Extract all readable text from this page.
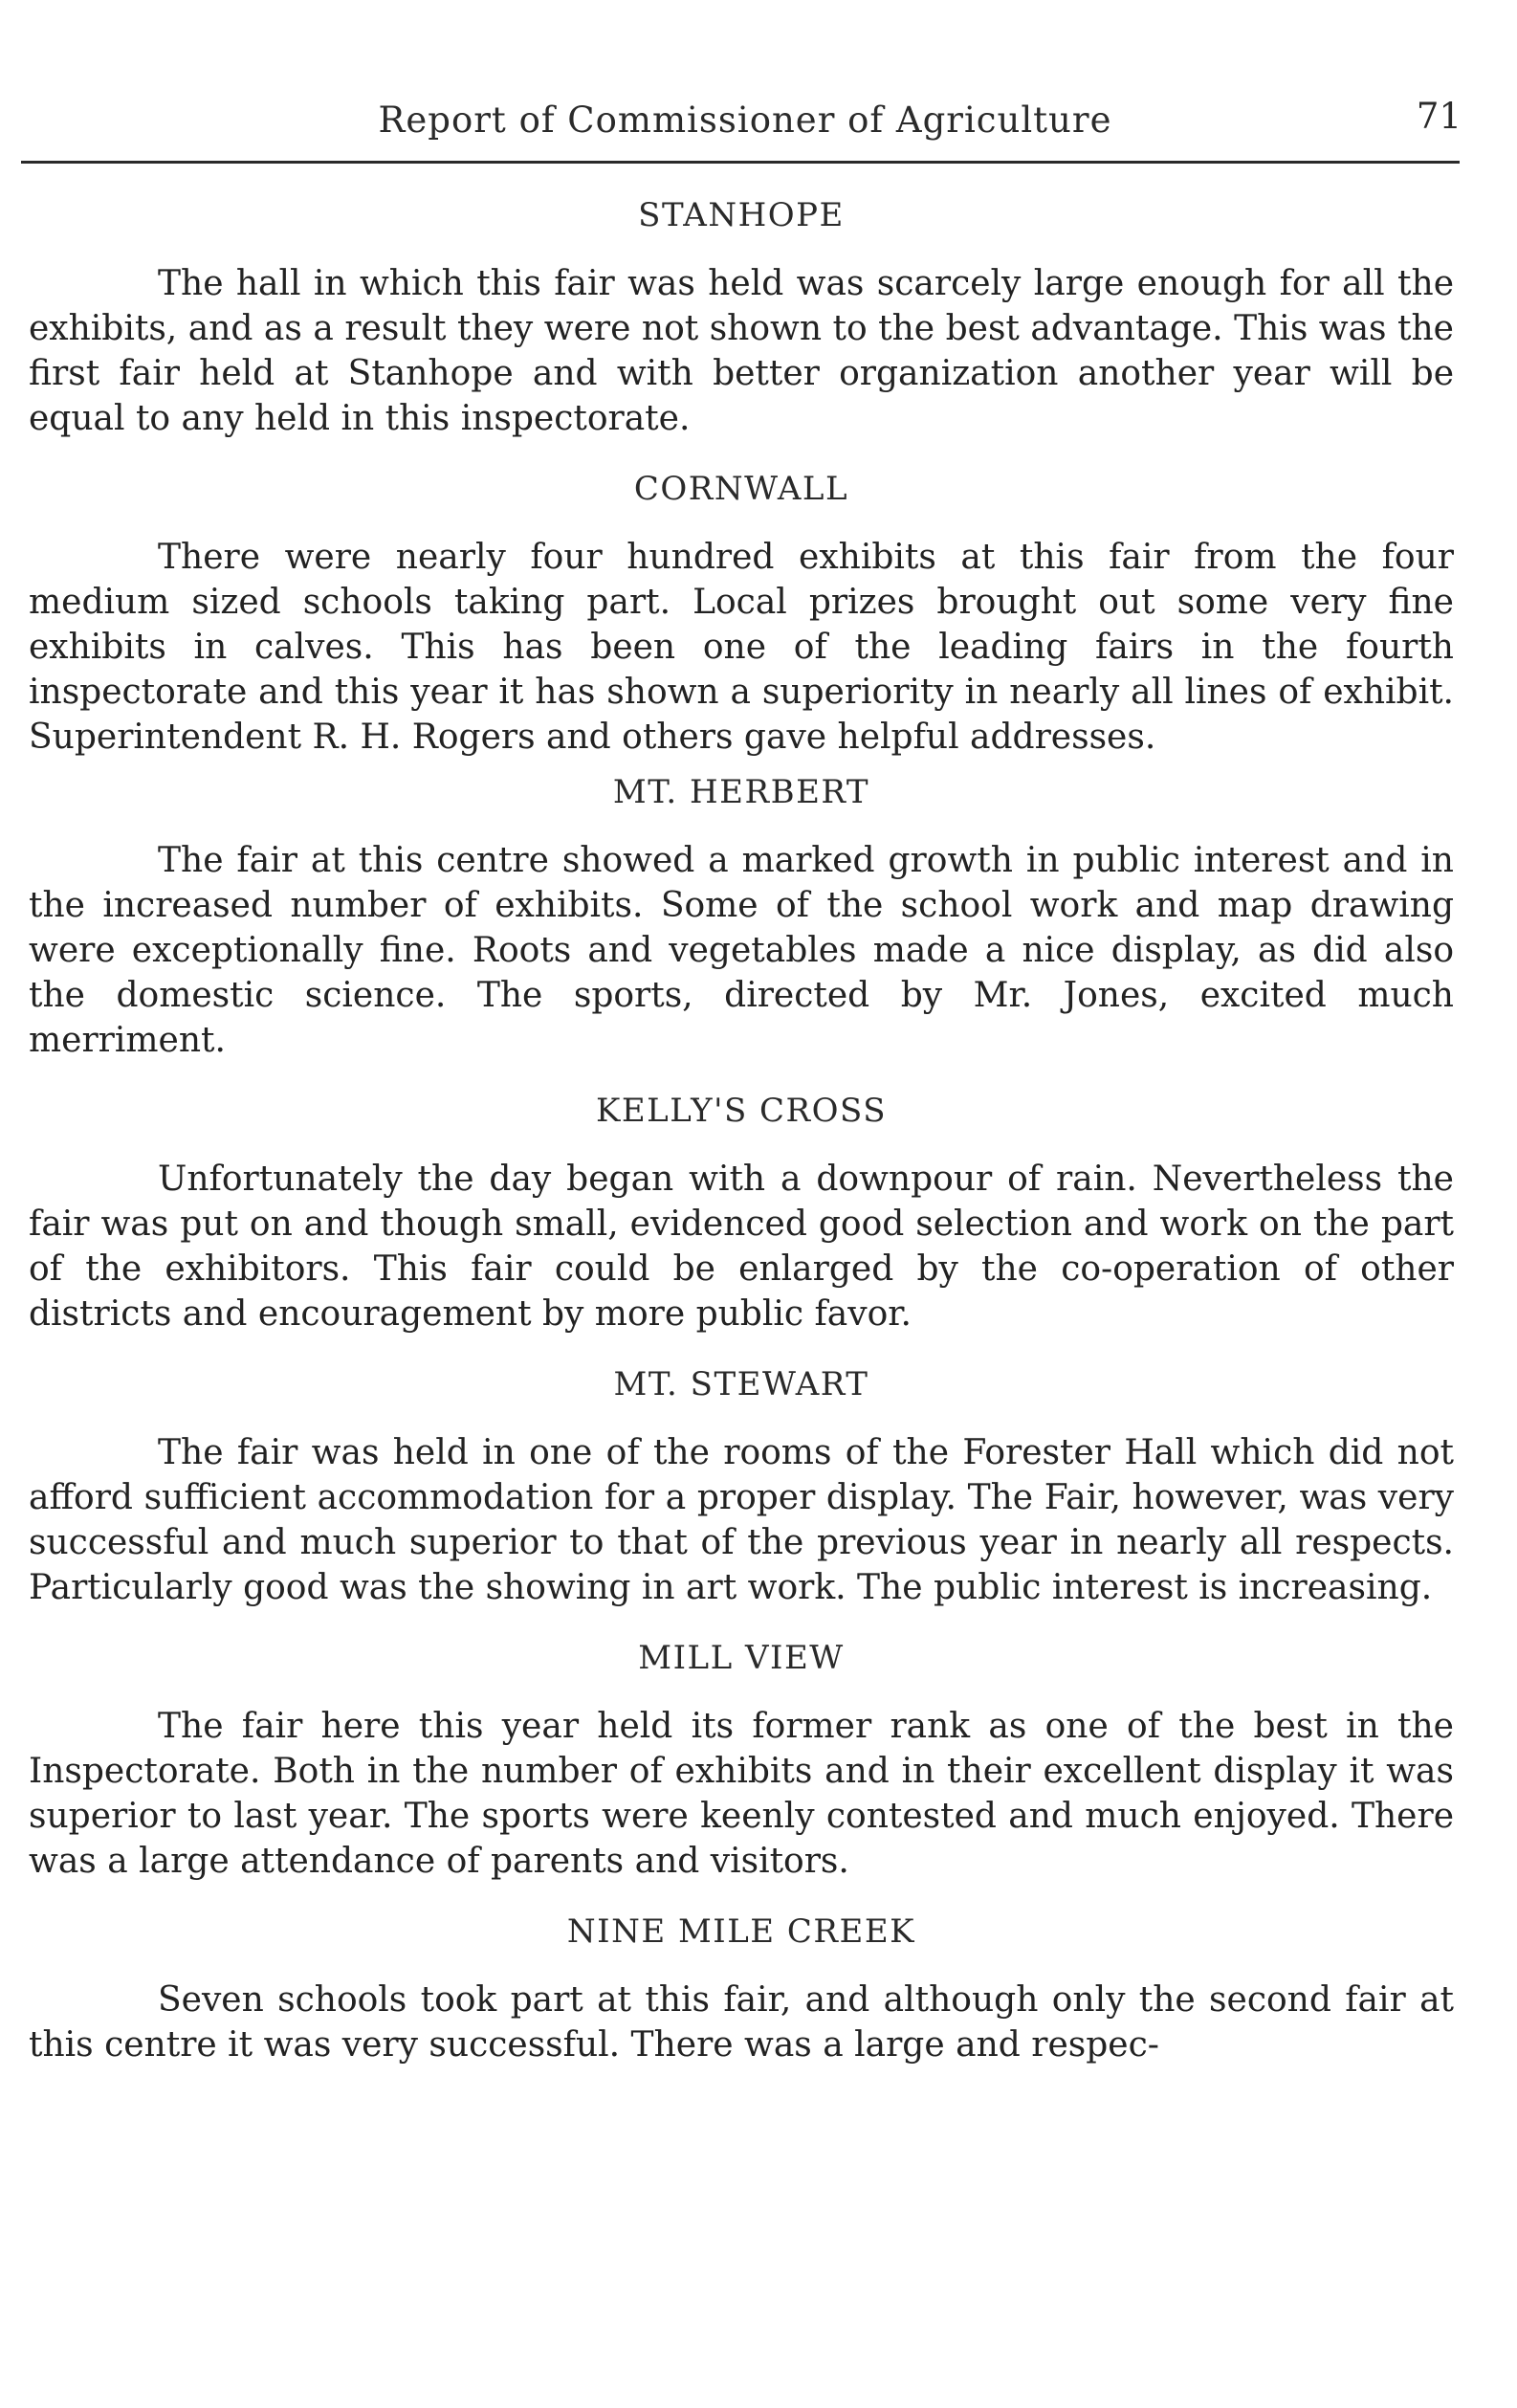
Report of Commissioner of Agriculture	71
STANHOPE

The hall in which this fair was held was scarcely large enough for all the exhibits, and as a result they were not shown to the best advantage. This was the first fair held at Stanhope and with better organization another year will be equal to any held in this inspectorate.

CORNWALL

There were nearly four hundred exhibits at this fair from the four medium sized schools taking part. Local prizes brought out some very fine exhibits in calves. This has been one of the leading fairs in the fourth inspectorate and this year it has shown a superiority in nearly all lines of exhibit. Superintendent R. H. Rogers and others gave helpful addresses.

MT. HERBERT

The fair at this centre showed a marked growth in public interest and in the increased number of exhibits. Some of the school work and map drawing were exceptionally fine. Roots and vegetables made a nice display, as did also the domestic science. The sports, directed by Mr. Jones, excited much merriment.

KELLY'S CROSS

Unfortunately the day began with a downpour of rain. Nevertheless the fair was put on and though small, evidenced good selection and work on the part of the exhibitors. This fair could be enlarged by the co-operation of other districts and encouragement by more public favor.

MT. STEWART

The fair was held in one of the rooms of the Forester Hall which did not afford sufficient accommodation for a proper display. The Fair, however, was very successful and much superior to that of the previous year in nearly all respects. Particularly good was the showing in art work. The public interest is increasing.

MILL VIEW

The fair here this year held its former rank as one of the best in the Inspectorate. Both in the number of exhibits and in their excellent display it was superior to last year. The sports were keenly contested and much enjoyed. There was a large attendance of parents and visitors.

NINE MILE CREEK

Seven schools took part at this fair, and although only the second fair at this centre it was very successful. There was a large and respec-
